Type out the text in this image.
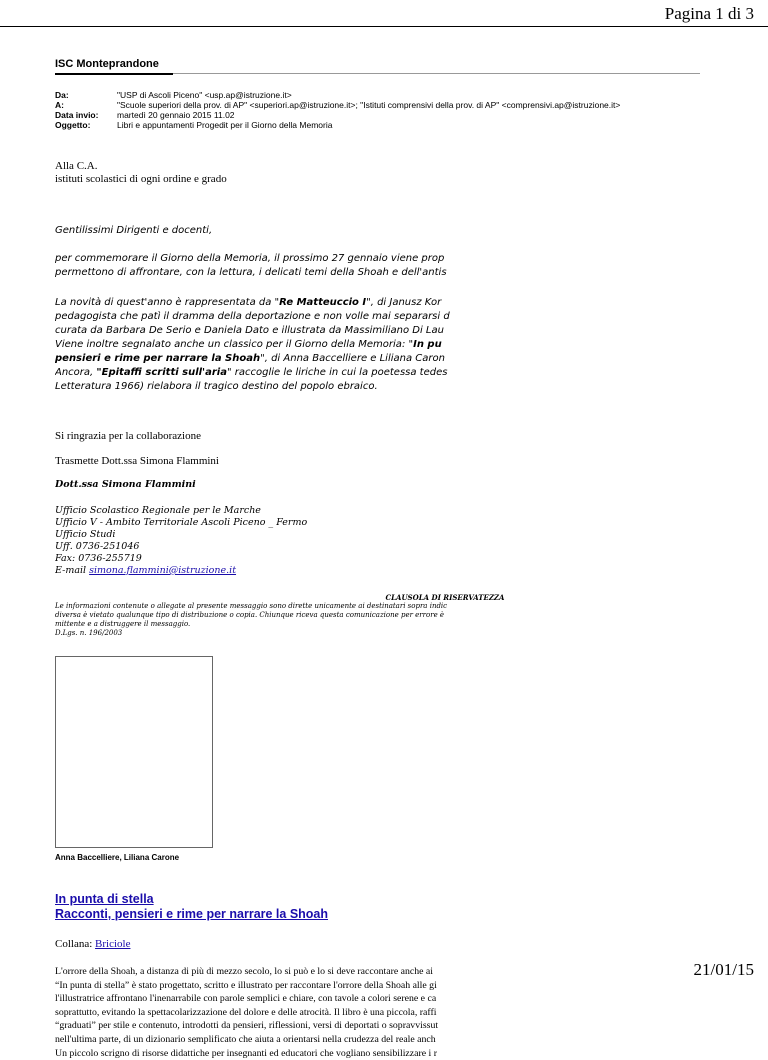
Pagina 1 di 3
ISC Monteprandone
Da:	"USP di Ascoli Piceno" <usp.ap@istruzione.it>
A:	"Scuole superiori della prov. di AP" <superiori.ap@istruzione.it>; "Istituti comprensivi della prov. di AP" <comprensivi.ap@istruzione.it>
Data invio:	martedì 20 gennaio 2015 11.02
Oggetto:	Libri e appuntamenti Progedit per il Giorno della Memoria
Alla C.A.
istituti scolastici di ogni ordine e grado
Gentilissimi Dirigenti e docenti,
per commemorare il Giorno della Memoria, il prossimo 27 gennaio viene prop
permettono di affrontare, con la lettura, i delicati temi della Shoah e dell'antis
La novità di quest'anno è rappresentata da "Re Matteuccio I", di Janusz Kor
pedagogista che patì il dramma della deportazione e non volle mai separarsi d
curata da Barbara De Serio e Daniela Dato e illustrata da Massimiliano Di Lau
Viene inoltre segnalato anche un classico per il Giorno della Memoria: "In pu
pensieri e rime per narrare la Shoah", di Anna Baccelliere e Liliana Caron
Ancora, "Epitaffi scritti sull'aria" raccoglie le liriche in cui la poetessa tedes
Letteratura 1966) rielabora il tragico destino del popolo ebraico.
Si ringrazia per la collaborazione
Trasmette Dott.ssa Simona Flammini
Dott.ssa Simona Flammini
Ufficio Scolastico Regionale per le Marche
Ufficio V - Ambito Territoriale Ascoli Piceno _ Fermo
Ufficio Studi
Uff. 0736-251046
Fax: 0736-255719
E-mail simona.flammini@istruzione.it
CLAUSOLA DI RISERVATEZZA
Le informazioni contenute o allegate al presente messaggio sono dirette unicamente ai destinatari sopra indic
diversa è vietato qualunque tipo di distribuzione o copia. Chiunque riceva questa comunicazione per errore è
mittente e a distruggere il messaggio.
D.Lgs. n. 196/2003
Anna Baccelliere, Liliana Carone
In punta di stella
Racconti, pensieri e rime per narrare la Shoah
Collana: Briciole
L'orrore della Shoah, a distanza di più di mezzo secolo, lo si può e lo si deve raccontare anche ai
“In punta di stella” è stato progettato, scritto e illustrato per raccontare l'orrore della Shoah alle gi
l'illustratrice affrontano l'inenarrabile con parole semplici e chiare, con tavole a colori serene e ca
soprattutto, evitando la spettacolarizzazione del dolore e delle atrocità. Il libro è una piccola, raffi
“graduati” per stile e contenuto, introdotti da pensieri, riflessioni, versi di deportati o sopravvissut
nell'ultima parte, di un dizionario semplificato che aiuta a orientarsi nella crudezza del reale anch
Un piccolo scrigno di risorse didattiche per insegnanti ed educatori che vogliano sensibilizzare i r
21/01/15
